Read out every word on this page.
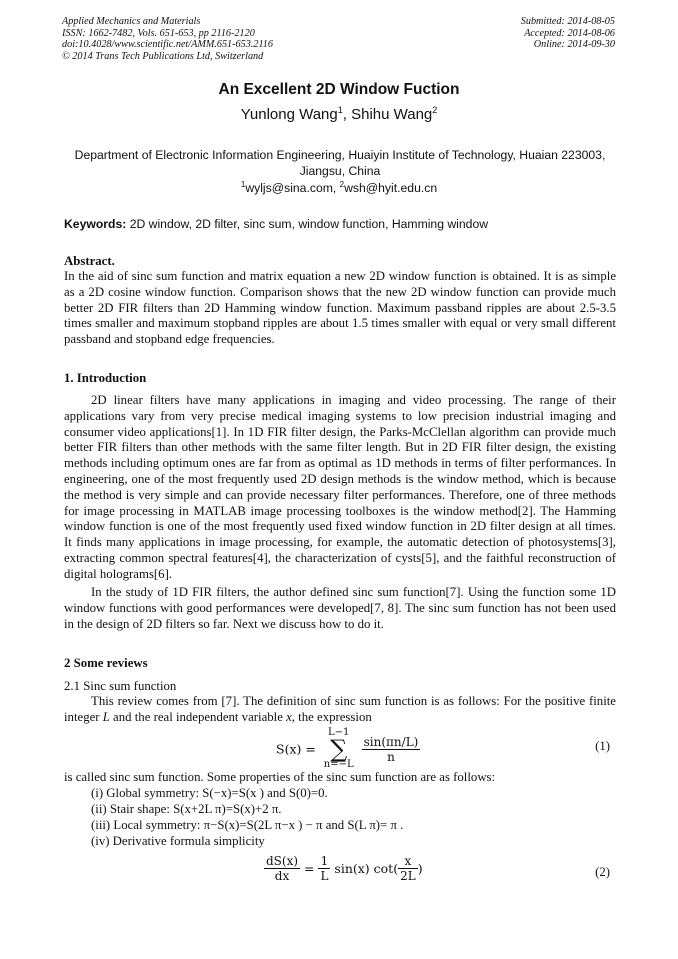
Applied Mechanics and Materials
ISSN: 1662-7482, Vols. 651-653, pp 2116-2120
doi:10.4028/www.scientific.net/AMM.651-653.2116
© 2014 Trans Tech Publications Ltd, Switzerland
Submitted: 2014-08-05
Accepted: 2014-08-06
Online: 2014-09-30
An Excellent 2D Window Fuction
Yunlong Wang$^1$, Shihu Wang$^2$
Department of Electronic Information Engineering, Huaiyin Institute of Technology, Huaian 223003, Jiangsu, China
$^1$wyljs@sina.com, $^2$wsh@hyit.edu.cn
Keywords: 2D window, 2D filter, sinc sum, window function, Hamming window
Abstract.
In the aid of sinc sum function and matrix equation a new 2D window function is obtained. It is as simple as a 2D cosine window function. Comparison shows that the new 2D window function can provide much better 2D FIR filters than 2D Hamming window function. Maximum passband ripples are about 2.5-3.5 times smaller and maximum stopband ripples are about 1.5 times smaller with equal or very small different passband and stopband edge frequencies.
1. Introduction
2D linear filters have many applications in imaging and video processing. The range of their applications vary from very precise medical imaging systems to low precision industrial imaging and consumer video applications[1]. In 1D FIR filter design, the Parks-McClellan algorithm can provide much better FIR filters than other methods with the same filter length. But in 2D FIR filter design, the existing methods including optimum ones are far from as optimal as 1D methods in terms of filter performances. In engineering, one of the most frequently used 2D design methods is the window method, which is because the method is very simple and can provide necessary filter performances. Therefore, one of three methods for image processing in MATLAB image processing toolboxes is the window method[2]. The Hamming window function is one of the most frequently used fixed window function in 2D filter design at all times. It finds many applications in image processing, for example, the automatic detection of photosystems[3], extracting common spectral features[4], the characterization of cysts[5], and the faithful reconstruction of digital holograms[6].
In the study of 1D FIR filters, the author defined sinc sum function[7]. Using the function some 1D window functions with good performances were developed[7, 8]. The sinc sum function has not been used in the design of 2D filters so far. Next we discuss how to do it.
2 Some reviews
2.1 Sinc sum function
This review comes from [7]. The definition of sinc sum function is as follows: For the positive finite integer L and the real independent variable x, the expression
S(x) = L−1
∑
n=−L
$\frac{\sin(\pi n/L)}{n}$	(1)
is called sinc sum function. Some properties of the sinc sum function are as follows:
(i) Global symmetry: S(−x)=S(x ) and S(0)=0.
(ii) Stair shape: S(x+2L π)=S(x)+2 π.
(iii) Local symmetry: π−S(x)=S(2L π−x ) − π and S(L π)= π .
(iv) Derivative formula simplicity
$\frac{dS(x)}{dx} = \frac{1}{L} \sin(x)$ $\cot( \frac{x}{2L}$ )	(2)
